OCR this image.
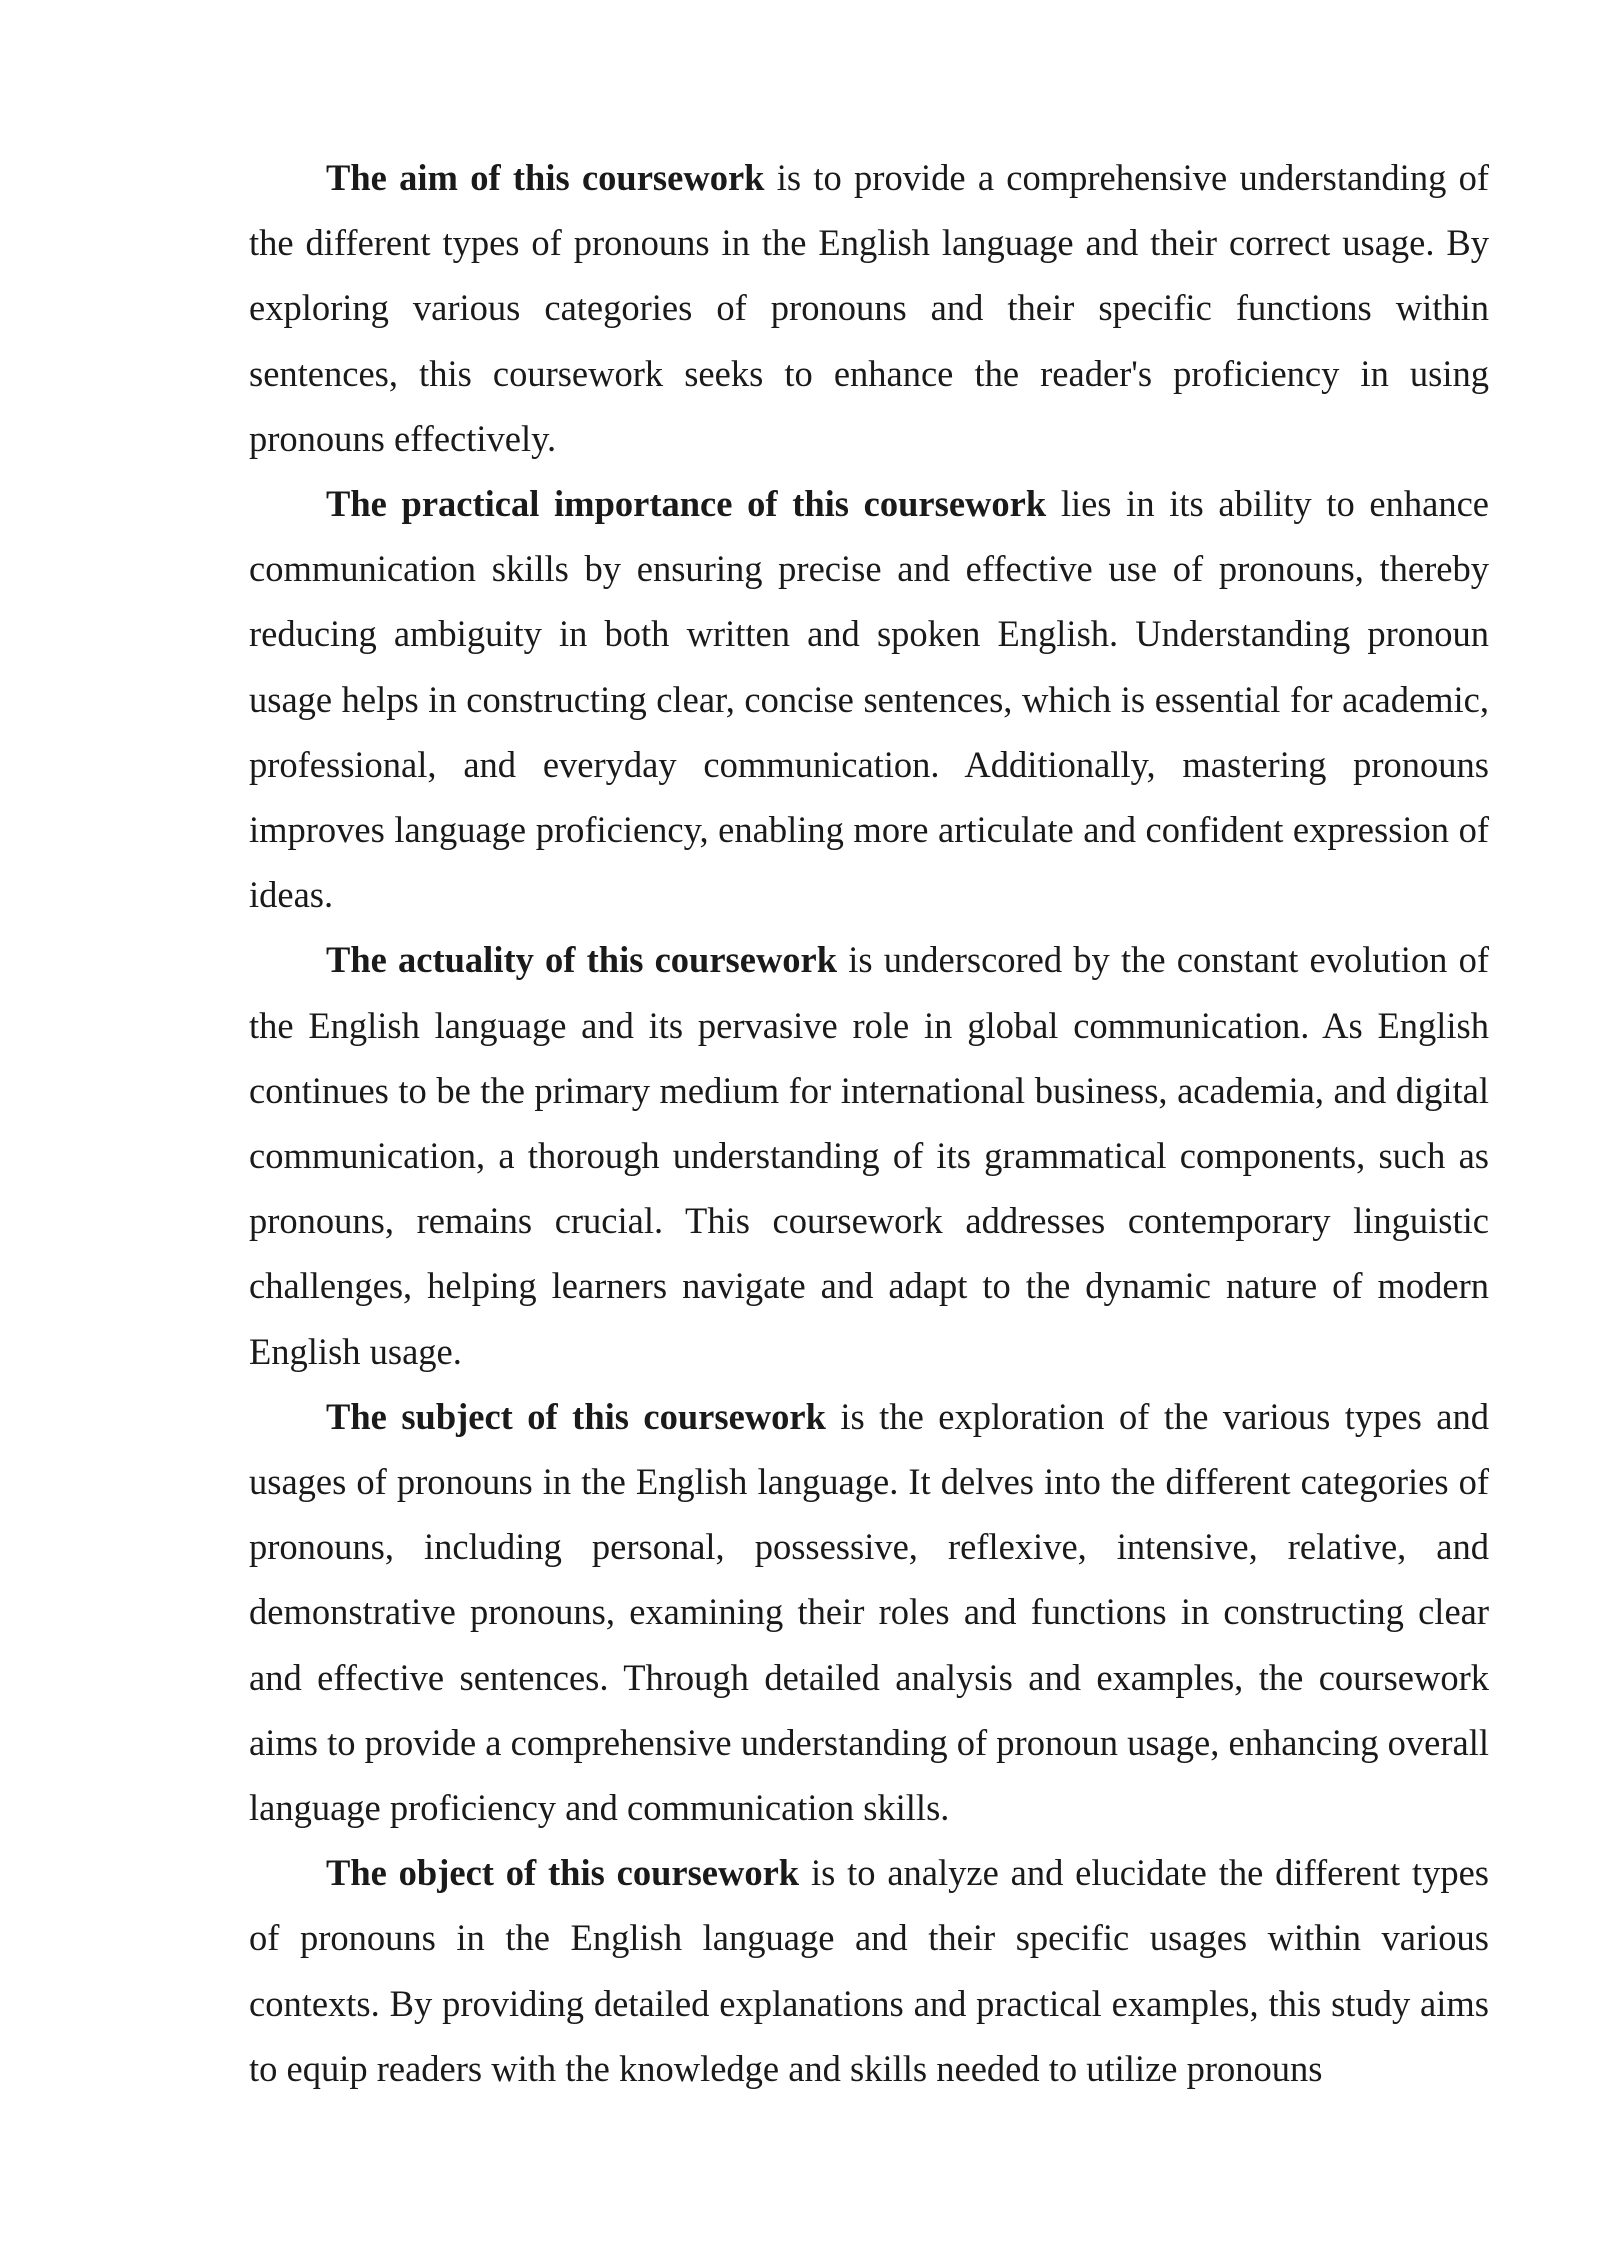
The aim of this coursework is to provide a comprehensive understanding of the different types of pronouns in the English language and their correct usage. By exploring various categories of pronouns and their specific functions within sentences, this coursework seeks to enhance the reader's proficiency in using pronouns effectively.

The practical importance of this coursework lies in its ability to enhance communication skills by ensuring precise and effective use of pronouns, thereby reducing ambiguity in both written and spoken English. Understanding pronoun usage helps in constructing clear, concise sentences, which is essential for academic, professional, and everyday communication. Additionally, mastering pronouns improves language proficiency, enabling more articulate and confident expression of ideas.

The actuality of this coursework is underscored by the constant evolution of the English language and its pervasive role in global communication. As English continues to be the primary medium for international business, academia, and digital communication, a thorough understanding of its grammatical components, such as pronouns, remains crucial. This coursework addresses contemporary linguistic challenges, helping learners navigate and adapt to the dynamic nature of modern English usage.

The subject of this coursework is the exploration of the various types and usages of pronouns in the English language. It delves into the different categories of pronouns, including personal, possessive, reflexive, intensive, relative, and demonstrative pronouns, examining their roles and functions in constructing clear and effective sentences. Through detailed analysis and examples, the coursework aims to provide a comprehensive understanding of pronoun usage, enhancing overall language proficiency and communication skills.

The object of this coursework is to analyze and elucidate the different types of pronouns in the English language and their specific usages within various contexts. By providing detailed explanations and practical examples, this study aims to equip readers with the knowledge and skills needed to utilize pronouns
